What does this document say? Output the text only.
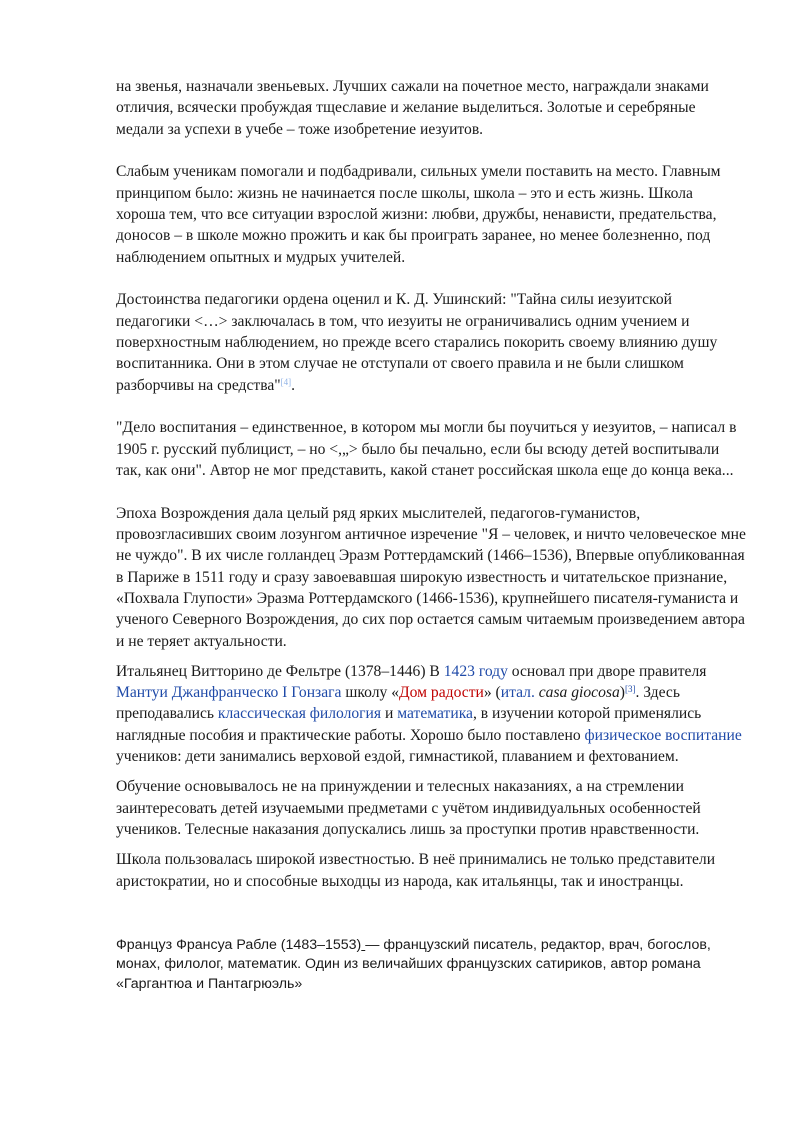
на звенья, назначали звеньевых. Лучших сажали на почетное место, награждали знаками отличия, всячески пробуждая тщеславие и желание выделиться. Золотые и серебряные медали за успехи в учебе – тоже изобретение иезуитов.

Слабым ученикам помогали и подбадривали, сильных умели поставить на место. Главным принципом было: жизнь не начинается после школы, школа – это и есть жизнь. Школа хороша тем, что все ситуации взрослой жизни: любви, дружбы, ненависти, предательства, доносов – в школе можно прожить и как бы проиграть заранее, но менее болезненно, под наблюдением опытных и мудрых учителей.

Достоинства педагогики ордена оценил и К. Д. Ушинский: "Тайна силы иезуитской педагогики <…> заключалась в том, что иезуиты не ограничивались одним учением и поверхностным наблюдением, но прежде всего старались покорить своему влиянию душу воспитанника. Они в этом случае не отступали от своего правила и не были слишком разборчивы на средства"[4].

"Дело воспитания – единственное, в котором мы могли бы поучиться у иезуитов, – написал в 1905 г. русский публицист, – но <,„> было бы печально, если бы всюду детей воспитывали так, как они". Автор не мог представить, какой станет российская школа еще до конца века...

Эпоха Возрождения дала целый ряд ярких мыслителей, педагогов-гуманистов, провозгласивших своим лозунгом античное изречение "Я – человек, и ничто человеческое мне не чуждо". В их числе голландец Эразм Роттердамский (1466–1536), Впервые опубликованная в Париже в 1511 году и сразу завоевавшая широкую известность и читательское признание, «Похвала Глупости» Эразма Роттердамского (1466-1536), крупнейшего писателя-гуманиста и ученого Северного Возрождения, до сих пор остается самым читаемым произведением автора и не теряет актуальности.

Итальянец Витторино де Фельтре (1378–1446) В 1423 году основал при дворе правителя Мантуи Джанфранческо I Гонзага школу «Дом радости» (итал. casa giocosa)[3]. Здесь преподавались классическая филология и математика, в изучении которой применялись наглядные пособия и практические работы. Хорошо было поставлено физическое воспитание учеников: дети занимались верховой ездой, гимнастикой, плаванием и фехтованием.

Обучение основывалось не на принуждении и телесных наказаниях, а на стремлении заинтересовать детей изучаемыми предметами с учётом индивидуальных особенностей учеников. Телесные наказания допускались лишь за проступки против нравственности.

Школа пользовалась широкой известностью. В неё принимались не только представители аристократии, но и способные выходцы из народа, как итальянцы, так и иностранцы.

Француз Франсуа Рабле (1483–1553) — французский писатель, редактор, врач, богослов, монах, филолог, математик. Один из величайших французских сатириков, автор романа «Гаргантюа и Пантагрюэль»
